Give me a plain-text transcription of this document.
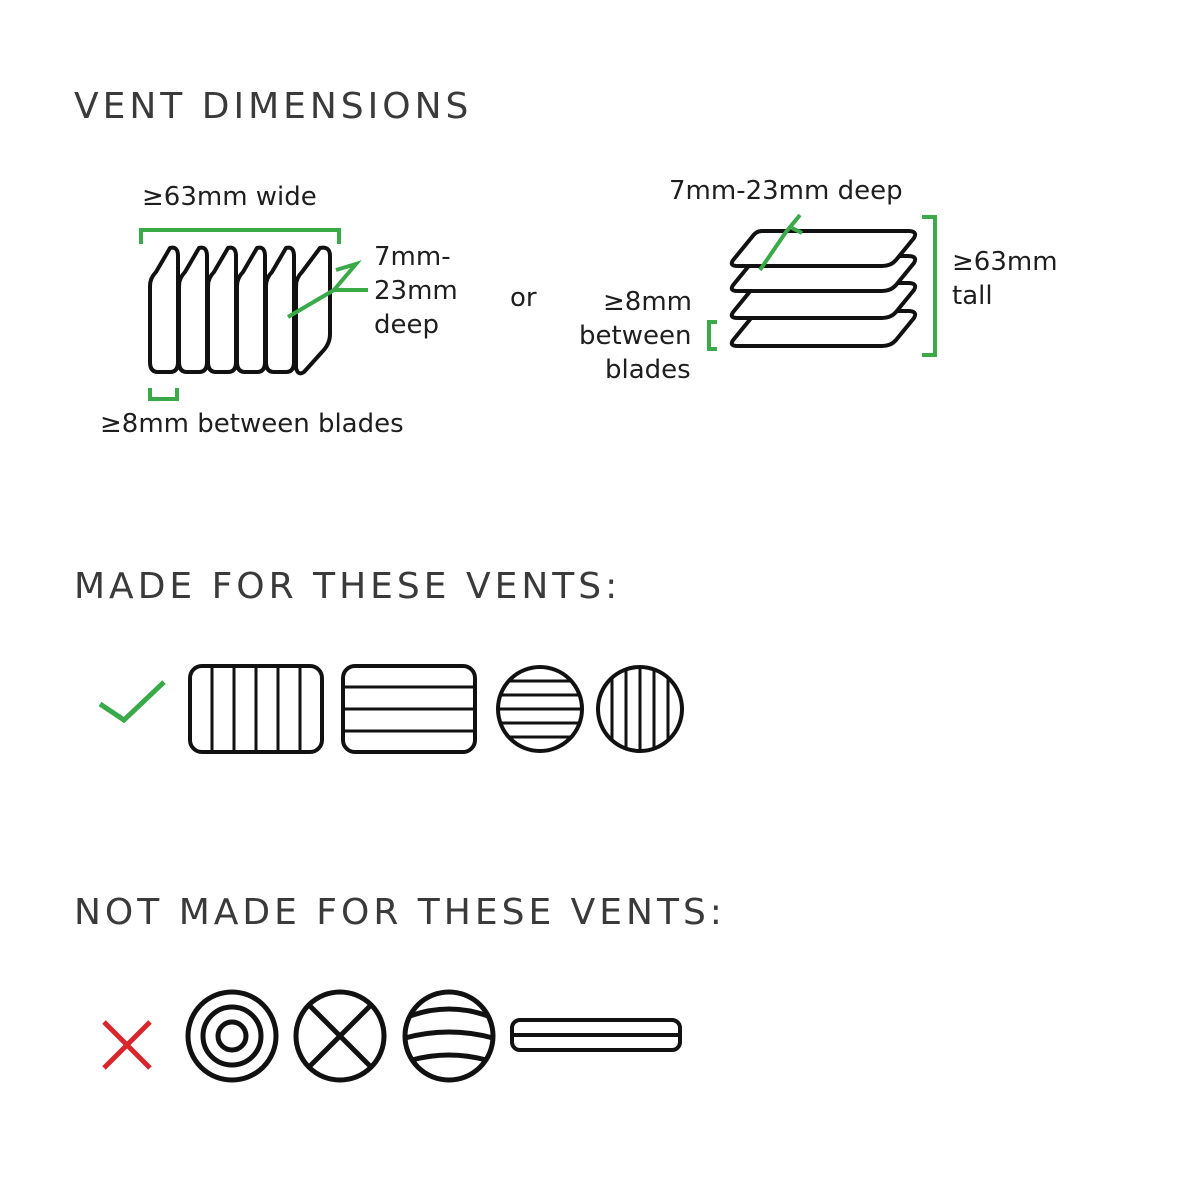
VENT DIMENSIONS
≥63mm wide
7mm-
23mm
deep
≥8mm between blades
or
7mm-23mm deep
≥63mm
tall
≥8mm
between
blades
MADE FOR THESE VENTS:
NOT MADE FOR THESE VENTS:
